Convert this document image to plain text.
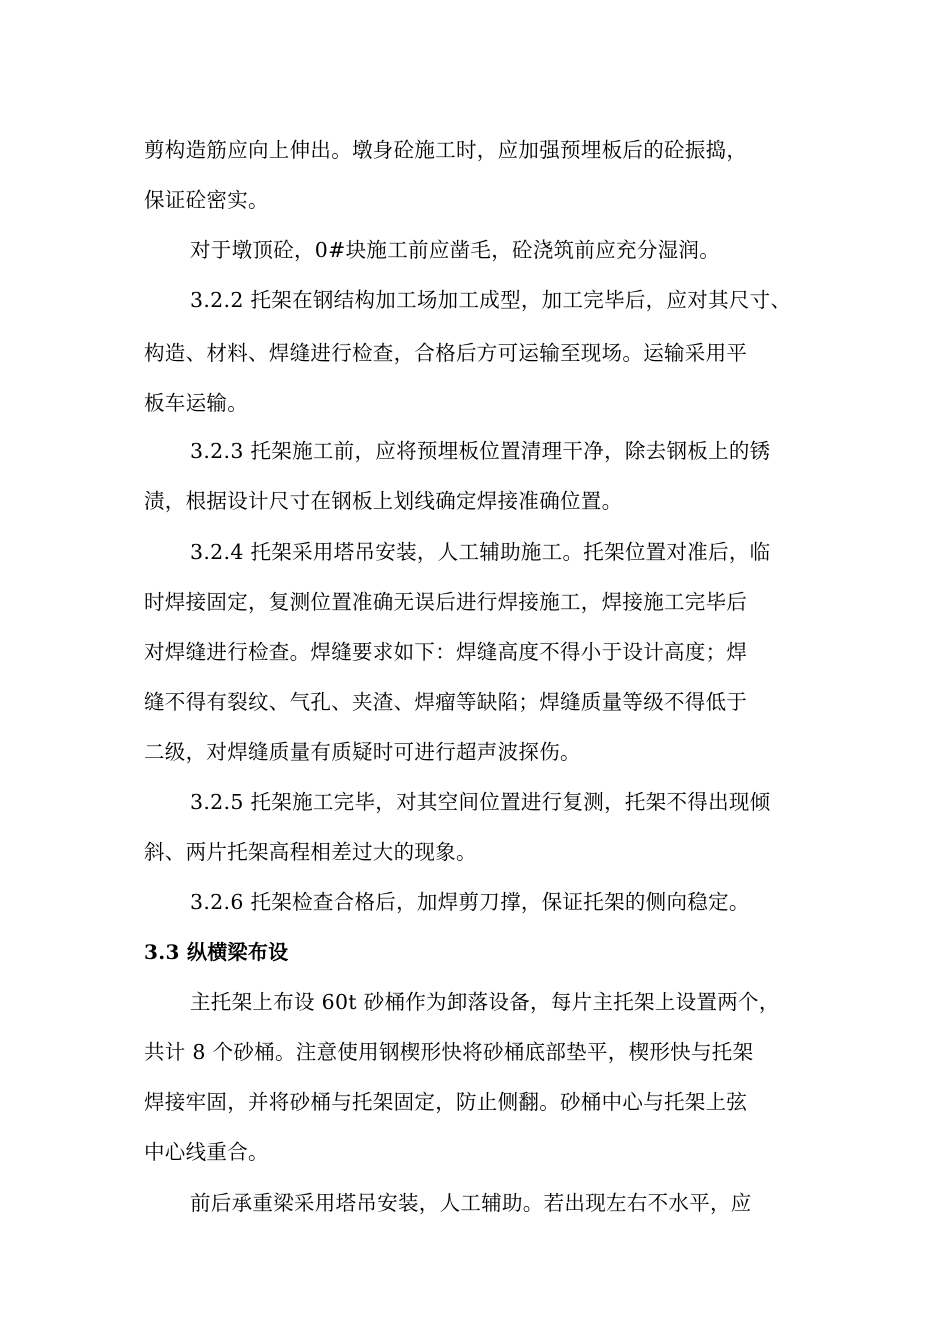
剪构造筋应向上伸出。墩身砼施工时，应加强预埋板后的砼振捣，
保证砼密实。
对于墩顶砼，0#块施工前应凿毛，砼浇筑前应充分湿润。
3.2.2 托架在钢结构加工场加工成型，加工完毕后，应对其尺寸、
构造、材料、焊缝进行检查，合格后方可运输至现场。运输采用平
板车运输。
3.2.3 托架施工前，应将预埋板位置清理干净，除去钢板上的锈
渍，根据设计尺寸在钢板上划线确定焊接准确位置。
3.2.4 托架采用塔吊安装，人工辅助施工。托架位置对准后，临
时焊接固定，复测位置准确无误后进行焊接施工，焊接施工完毕后
对焊缝进行检查。焊缝要求如下：焊缝高度不得小于设计高度；焊
缝不得有裂纹、气孔、夹渣、焊瘤等缺陷；焊缝质量等级不得低于
二级，对焊缝质量有质疑时可进行超声波探伤。
3.2.5 托架施工完毕，对其空间位置进行复测，托架不得出现倾
斜、两片托架高程相差过大的现象。
3.2.6 托架检查合格后，加焊剪刀撑，保证托架的侧向稳定。
3.3 纵横梁布设
主托架上布设 60t 砂桶作为卸落设备，每片主托架上设置两个，
共计 8 个砂桶。注意使用钢楔形快将砂桶底部垫平，楔形快与托架
焊接牢固，并将砂桶与托架固定，防止侧翻。砂桶中心与托架上弦
中心线重合。
前后承重梁采用塔吊安装，人工辅助。若出现左右不水平，应
